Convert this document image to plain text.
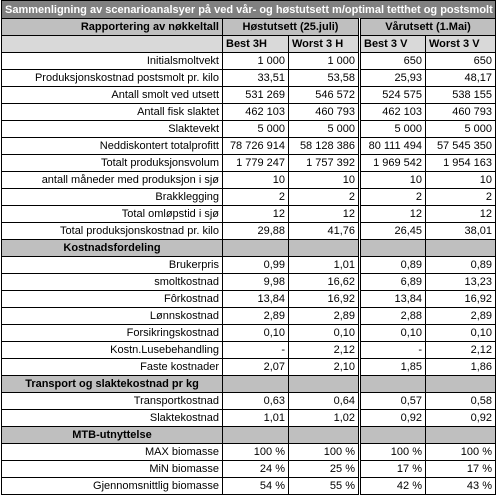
Sammenligning av scenarioanalsyer på ved vår- og høstutsett m/optimal tetthet og postsmolt				
Rapportering av nøkkeltall	Høstutsett (25.juli)		Vårutsett (1.Mai)	
	Best 3H	Worst 3 H	Best 3 V	Worst 3 V
Initialsmoltvekt	1 000	1 000	650	650
Produksjonskostnad postsmolt pr. kilo	33,51	53,58	25,93	48,17
Antall smolt ved utsett	531 269	546 572	524 575	538 155
Antall fisk slaktet	462 103	460 793	462 103	460 793
Slaktevekt	5 000	5 000	5 000	5 000
Neddiskontert totalprofitt	78 726 914	58 128 386	80 111 494	57 545 350
Totalt produksjonsvolum	1 779 247	1 757 392	1 969 542	1 954 163
antall måneder med produksjon i sjø	10	10	10	10
Brakklegging	2	2	2	2
Total omløpstid i sjø	12	12	12	12
Total produksjonskostnad pr. kilo	29,88	41,76	26,45	38,01
Kostnadsfordeling				
Brukerpris	0,99	1,01	0,89	0,89
smoltkostnad	9,98	16,62	6,89	13,23
Fôrkostnad	13,84	16,92	13,84	16,92
Lønnskostnad	2,89	2,89	2,88	2,89
Forsikringskostnad	0,10	0,10	0,10	0,10
Kostn.Lusebehandling	-	2,12	-	2,12
Faste kostnader	2,07	2,10	1,85	1,86
Transport og slaktekostnad pr kg				
Transportkostnad	0,63	0,64	0,57	0,58
Slaktekostnad	1,01	1,02	0,92	0,92
MTB-utnyttelse				
MAX biomasse	100 %	100 %	100 %	100 %
MiN biomasse	24 %	25 %	17 %	17 %
Gjennomsnittlig biomasse	54 %	55 %	42 %	43 %
